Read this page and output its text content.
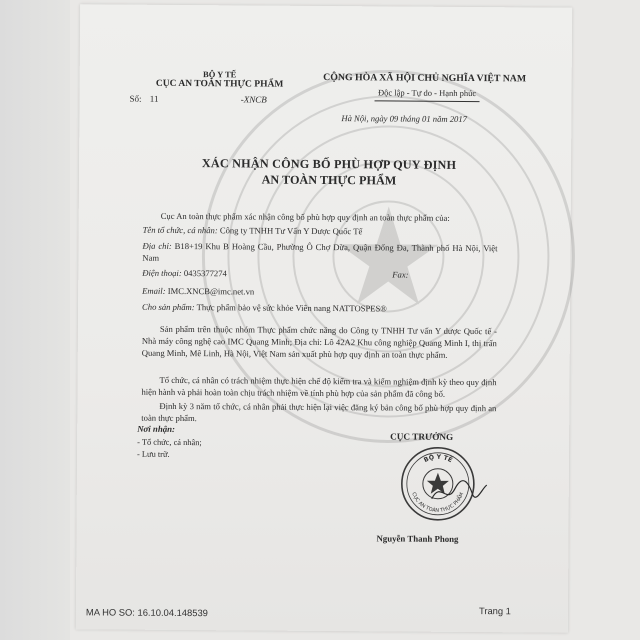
BỘ Y TẾ
CỤC AN TOÀN THỰC PHẨM
Số: 11	-XNCB
CỘNG HÒA XÃ HỘI CHỦ NGHĨA VIỆT NAM
Độc lập - Tự do - Hạnh phúc
Hà Nội, ngày 09 tháng 01 năm 2017
XÁC NHẬN CÔNG BỐ PHÙ HỢP QUY ĐỊNH
AN TOÀN THỰC PHẨM
Cục An toàn thực phẩm xác nhận công bố phù hợp quy định an toàn thực phẩm của:
Tên tổ chức, cá nhân: Công ty TNHH Tư Vấn Y Dược Quốc Tế
Địa chỉ: B18+19 Khu B Hoàng Cầu, Phường Ô Chợ Dừa, Quận Đống Đa, Thành phố Hà Nội, Việt Nam
Điện thoại: 0435377274	Fax:
Email: IMC.XNCB@imc.net.vn
Cho sản phẩm: Thực phẩm bảo vệ sức khỏe Viên nang NATTOSPES®
Sản phẩm trên thuộc nhóm Thực phẩm chức năng do Công ty TNHH Tư vấn Y dược Quốc tế - Nhà máy công nghệ cao IMC Quang Minh; Địa chỉ: Lô 42A2 Khu công nghiệp Quang Minh I, thị trấn Quang Minh, Mê Linh, Hà Nội, Việt Nam sản xuất phù hợp quy định an toàn thực phẩm.
Tổ chức, cá nhân có trách nhiệm thực hiện chế độ kiểm tra và kiểm nghiệm định kỳ theo quy định hiện hành và phải hoàn toàn chịu trách nhiệm về tính phù hợp của sản phẩm đã công bố.
Định kỳ 3 năm tổ chức, cá nhân phải thực hiện lại việc đăng ký bản công bố phù hợp quy định an toàn thực phẩm.
Nơi nhận:
- Tổ chức, cá nhân;
- Lưu trữ.
CỤC TRƯỞNG
BỘ Y TẾ
CỤC AN TOÀN THỰC PHẨM
Nguyễn Thanh Phong
MA HO SO: 16.10.04.148539	Trang 1
